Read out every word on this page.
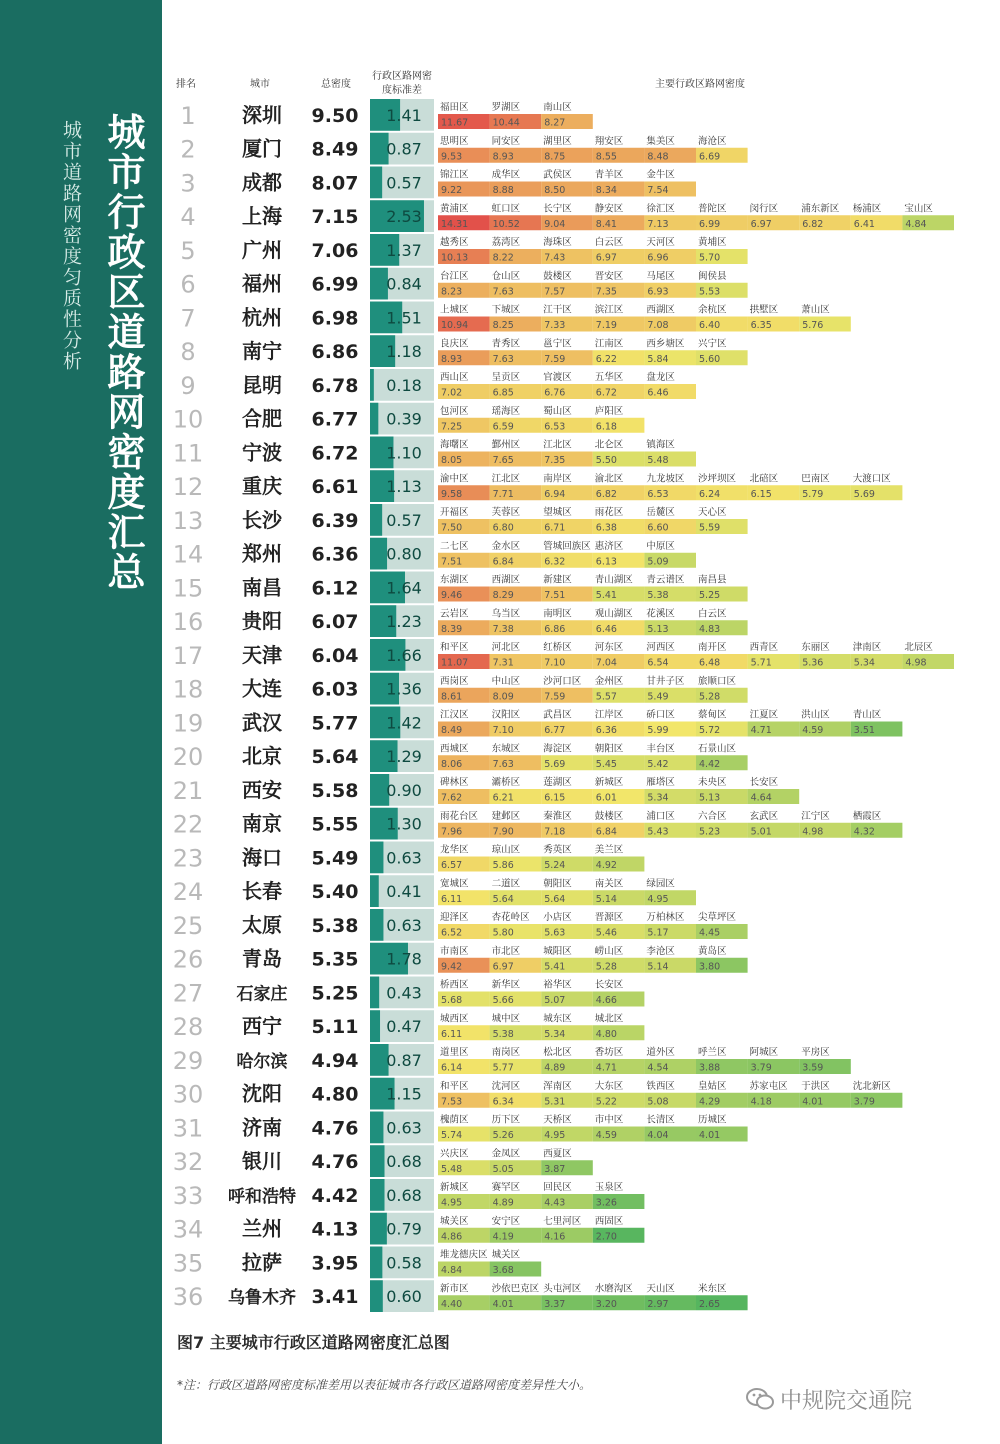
城市道路网密度匀质性分析 城市行政区道路网密度汇总
排名	城市	总密度
行政区路网密度标准差
主要行政区路网密度
1 深圳 9.50 1.41 福田区
11.67
罗湖区
10.44
南山区
8.27
2 厦门 8.49 0.87 思明区
9.53
同安区
8.93
湖里区
8.75
翔安区
8.55
集美区
8.48
海沧区
6.69
3 成都 8.07 0.57 锦江区
9.22
成华区
8.88
武侯区
8.50
青羊区
8.34
金牛区
7.54
4 上海 7.15 2.53 黄浦区
14.31
虹口区
10.52
长宁区
9.04
静安区
8.41
徐汇区
7.13
普陀区
6.99
闵行区
6.97
浦东新区
6.82
杨浦区
6.41
宝山区
4.84
5 广州 7.06 1.37 越秀区
10.13
荔湾区
8.22
海珠区
7.43
白云区
6.97
天河区
6.96
黄埔区
5.70
6 福州 6.99 0.84 台江区
8.23
仓山区
7.63
鼓楼区
7.57
晋安区
7.35
马尾区
6.93
闽侯县
5.53
7 杭州 6.98 1.51 上城区
10.94
下城区
8.25
江干区
7.33
滨江区
7.19
西湖区
7.08
余杭区
6.40
拱墅区
6.35
萧山区
5.76
8 南宁 6.86 1.18 良庆区
8.93
青秀区
7.63
邕宁区
7.59
江南区
6.22
西乡塘区
5.84
兴宁区
5.60
9 昆明 6.78 0.18 西山区
7.02
呈贡区
6.85
官渡区
6.76
五华区
6.72
盘龙区
6.46
10 合肥 6.77 0.39 包河区
7.25
瑶海区
6.59
蜀山区
6.53
庐阳区
6.18
11 宁波 6.72 1.10 海曙区
8.05
鄞州区
7.65
江北区
7.35
北仑区
5.50
镇海区
5.48
12 重庆 6.61 1.13 渝中区
9.58
江北区
7.71
南岸区
6.94
渝北区
6.82
九龙坡区
6.53
沙坪坝区
6.24
北碚区
6.15
巴南区
5.79
大渡口区
5.69
13 长沙 6.39 0.57 开福区
7.50
芙蓉区
6.80
望城区
6.71
雨花区
6.38
岳麓区
6.60
天心区
5.59
14 郑州 6.36 0.80 二七区
7.51
金水区
6.84
管城回族区
6.32
惠济区
6.13
中原区
5.09
15 南昌 6.12 1.64 东湖区
9.46
西湖区
8.29
新建区
7.51
青山湖区
5.41
青云谱区
5.38
南昌县
5.25
16 贵阳 6.07 1.23 云岩区
8.39
乌当区
7.38
南明区
6.86
观山湖区
6.46
花溪区
5.13
白云区
4.83
17 天津 6.04 1.66 和平区
11.07
河北区
7.31
红桥区
7.10
河东区
7.04
河西区
6.54
南开区
6.48
西青区
5.71
东丽区
5.36
津南区
5.34
北辰区
4.98
18 大连 6.03 1.36 西岗区
8.61
中山区
8.09
沙河口区
7.59
金州区
5.57
甘井子区
5.49
旅顺口区
5.28
19 武汉 5.77 1.42 江汉区
8.49
汉阳区
7.10
武昌区
6.77
江岸区
6.36
硚口区
5.99
蔡甸区
5.72
江夏区
4.71
洪山区
4.59
青山区
3.51
20 北京 5.64 1.29 西城区
8.06
东城区
7.63
海淀区
5.69
朝阳区
5.45
丰台区
5.42
石景山区
4.42
21 西安 5.58 0.90 碑林区
7.62
灞桥区
6.21
莲湖区
6.15
新城区
6.01
雁塔区
5.34
未央区
5.13
长安区
4.64
22 南京 5.55 1.30 雨花台区
7.96
建邺区
7.90
秦淮区
7.18
鼓楼区
6.84
浦口区
5.43
六合区
5.23
玄武区
5.01
江宁区
4.98
栖霞区
4.32
23 海口 5.49 0.63 龙华区
6.57
琼山区
5.86
秀英区
5.24
美兰区
4.92
24 长春 5.40 0.41 宽城区
6.11
二道区
5.64
朝阳区
5.64
南关区
5.14
绿园区
4.95
25 太原 5.38 0.63 迎泽区
6.52
杏花岭区
5.80
小店区
5.63
晋源区
5.46
万柏林区
5.17
尖草坪区
4.45
26 青岛 5.35 1.78 市南区
9.42
市北区
6.97
城阳区
5.41
崂山区
5.28
李沧区
5.14
黄岛区
3.80
27 石家庄 5.25 0.43 桥西区
5.68
新华区
5.66
裕华区
5.07
长安区
4.66
28 西宁 5.11 0.47 城西区
6.11
城中区
5.38
城东区
5.34
城北区
4.80
29 哈尔滨 4.94 0.87 道里区
6.14
南岗区
5.77
松北区
4.89
香坊区
4.71
道外区
4.54
呼兰区
3.88
阿城区
3.79
平房区
3.59
30 沈阳 4.80 1.15 和平区
7.53
沈河区
6.34
浑南区
5.31
大东区
5.22
铁西区
5.08
皇姑区
4.29
苏家屯区
4.18
于洪区
4.01
沈北新区
3.79
31 济南 4.76 0.63 槐荫区
5.74
历下区
5.26
天桥区
4.95
市中区
4.59
长清区
4.04
历城区
4.01
32 银川 4.76 0.68 兴庆区
5.48
金凤区
5.05
西夏区
3.87
33 呼和浩特 4.42 0.68 新城区
4.95
赛罕区
4.89
回民区
4.43
玉泉区
3.26
34 兰州 4.13 0.79 城关区
4.86
安宁区
4.19
七里河区
4.16
西固区
2.70
35 拉萨 3.95 0.58 堆龙德庆区
4.84
城关区
3.68
36 乌鲁木齐 3.41 0.60 新市区
4.40
沙依巴克区
4.01
头屯河区
3.37
水磨沟区
3.20
天山区
2.97
米东区
2.65
图7 主要城市行政区道路网密度汇总图
*注：行政区道路网密度标准差用以表征城市各行政区道路网密度差异性大小。
中规院交通院
